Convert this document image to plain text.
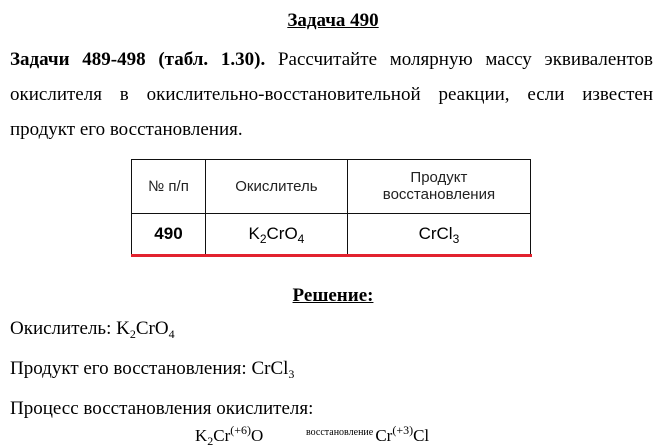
Задача 490
Задачи 489-498 (табл. 1.30). Рассчитайте молярную массу эквивалентов окислителя в окислительно-восстановительной реакции, если известен продукт его восстановления.
№ п/п	Окислитель	Продукт восстановления
490	$K_2CrO_4$	CrCl$_3$
Решение:
Окислитель: $K_2CrO_4$
Продукт его восстановления: CrCl$_3$
Процесс восстановления окислителя:
$K_2Cr^{(+6)}O$	$Cr^{(+3)}Cl$
восстановление
